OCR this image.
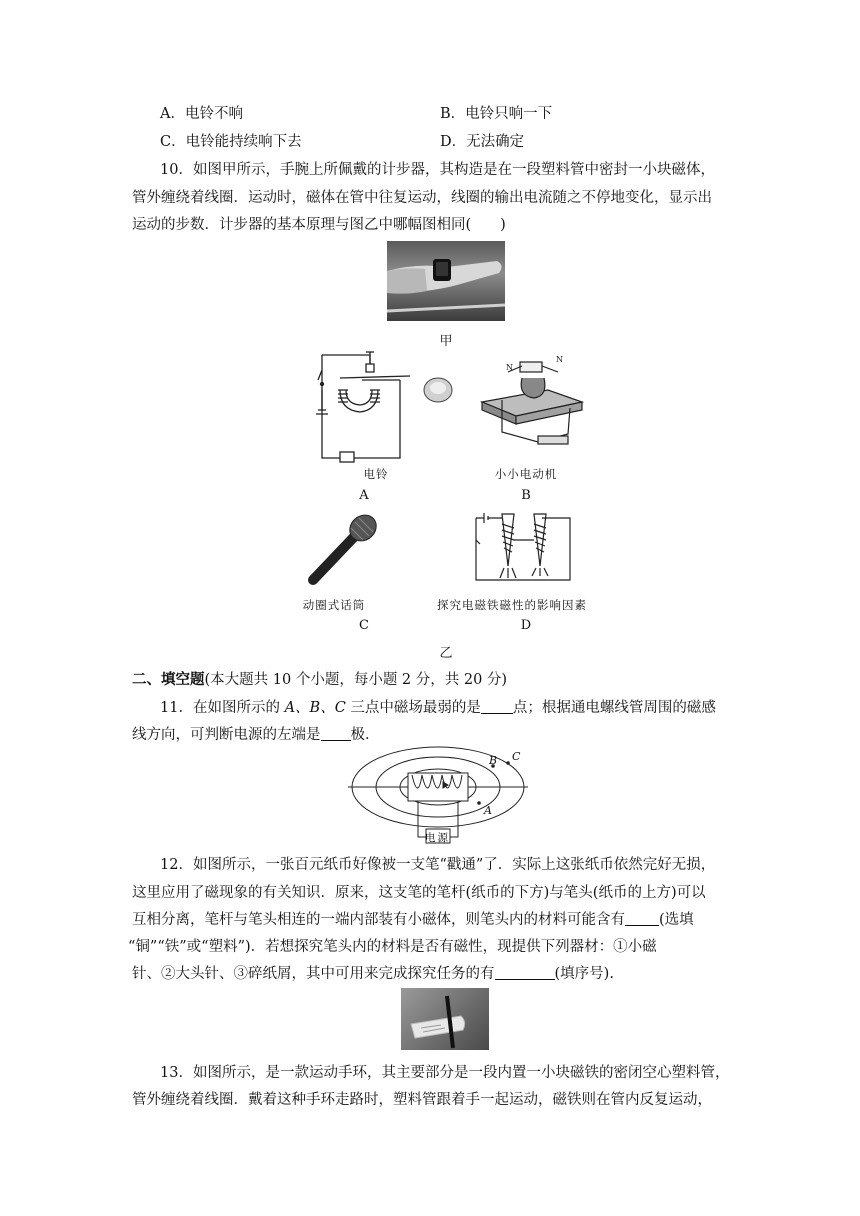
A．电铃不响	B．电铃只响一下
C．电铃能持续响下去	D．无法确定
10．如图甲所示，手腕上所佩戴的计步器，其构造是在一段塑料管中密封一小块磁体，
管外缠绕着线圈．运动时，磁体在管中往复运动，线圈的输出电流随之不停地变化，显示出
运动的步数．计步器的基本原理与图乙中哪幅图相同(　　)
甲
电铃
A
N
N
小小电动机
B
动圈式话筒
C
探究电磁铁磁性的影响因素
D
乙
二、填空题(本大题共 10 个小题，每小题 2 分，共 20 分)
11．在如图所示的 A、B、C 三点中磁场最弱的是 点；根据通电螺线管周围的磁感
线方向，可判断电源的左端是 极．
电源
B C
A
12．如图所示，一张百元纸币好像被一支笔“戳通”了．实际上这张纸币依然完好无损，
这里应用了磁现象的有关知识．原来，这支笔的笔杆(纸币的下方)与笔头(纸币的上方)可以
互相分离，笔杆与笔头相连的一端内部装有小磁体，则笔头内的材料可能含有 (选填
“铜”“铁”或“塑料”)．若想探究笔头内的材料是否有磁性，现提供下列器材：①小磁
针、②大头针、③碎纸屑，其中可用来完成探究任务的有	(填序号).
13．如图所示，是一款运动手环，其主要部分是一段内置一小块磁铁的密闭空心塑料管，
管外缠绕着线圈．戴着这种手环走路时，塑料管跟着手一起运动，磁铁则在管内反复运动，
